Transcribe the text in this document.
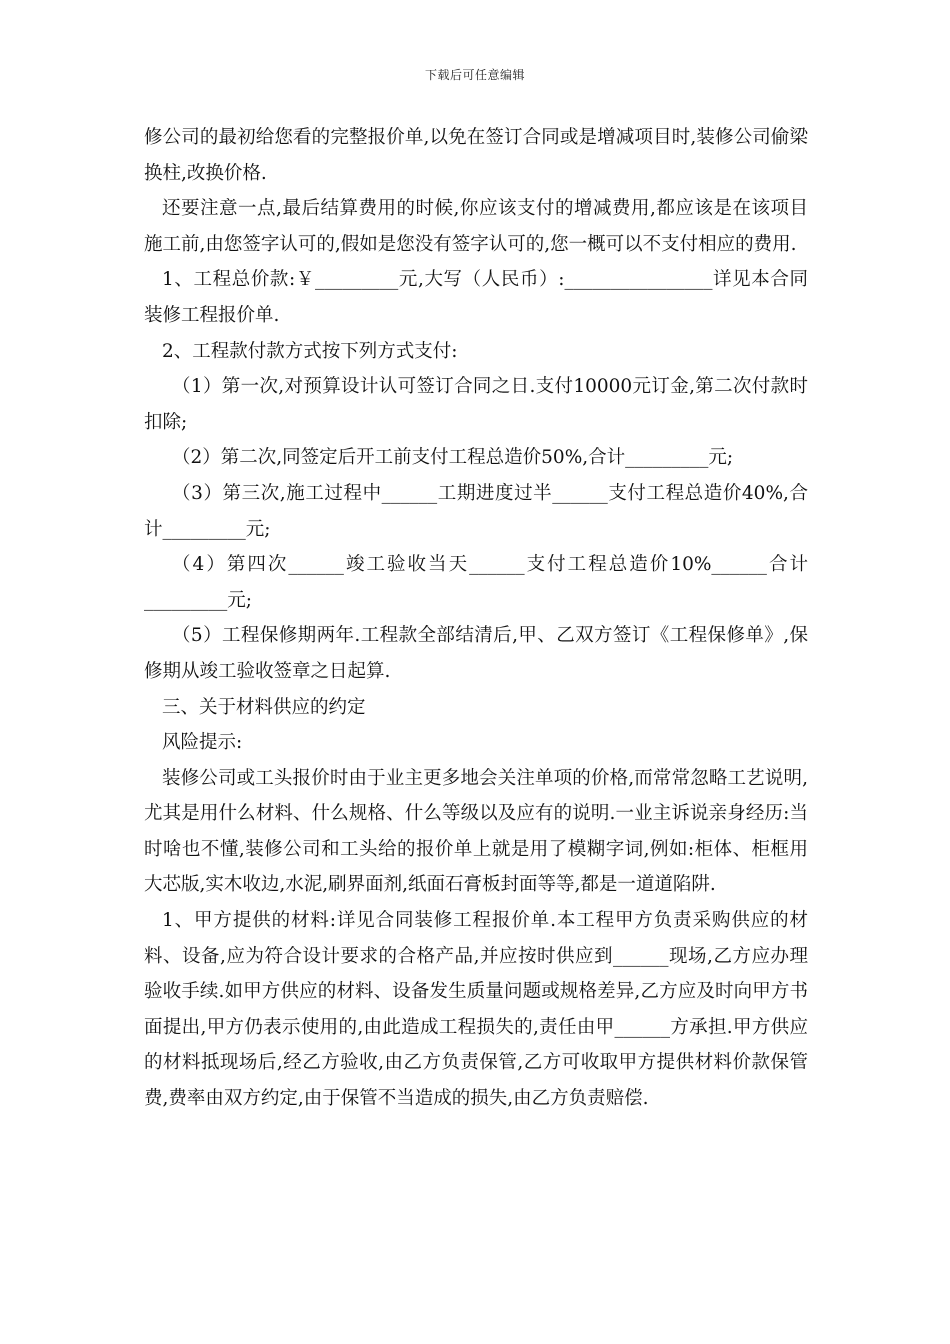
下载后可任意编辑

修公司的最初给您看的完整报价单,以免在签订合同或是增减项目时,装修公司偷梁换柱,改换价格.

还要注意一点,最后结算费用的时候,你应该支付的增减费用,都应该是在该项目施工前,由您签字认可的,假如是您没有签字认可的,您一概可以不支付相应的费用.

1、工程总价款:￥_________元,大写（人民币）:________________详见本合同装修工程报价单.

2、工程款付款方式按下列方式支付:

（1）第一次,对预算设计认可签订合同之日.支付10000元订金,第二次付款时扣除;

（2）第二次,同签定后开工前支付工程总造价50%,合计_________元;

（3）第三次,施工过程中______工期进度过半______支付工程总造价40%,合计_________元;

（4）第四次______竣工验收当天______支付工程总造价10%______合计_________元;

（5）工程保修期两年.工程款全部结清后,甲、乙双方签订《工程保修单》,保修期从竣工验收签章之日起算.

三、关于材料供应的约定

风险提示:

装修公司或工头报价时由于业主更多地会关注单项的价格,而常常忽略工艺说明,尤其是用什么材料、什么规格、什么等级以及应有的说明.一业主诉说亲身经历:当时啥也不懂,装修公司和工头给的报价单上就是用了模糊字词,例如:柜体、柜框用大芯版,实木收边,水泥,刷界面剂,纸面石膏板封面等等,都是一道道陷阱.

1、甲方提供的材料:详见合同装修工程报价单.本工程甲方负责采购供应的材料、设备,应为符合设计要求的合格产品,并应按时供应到______现场,乙方应办理验收手续.如甲方供应的材料、设备发生质量问题或规格差异,乙方应及时向甲方书面提出,甲方仍表示使用的,由此造成工程损失的,责任由甲______方承担.甲方供应的材料抵现场后,经乙方验收,由乙方负责保管,乙方可收取甲方提供材料价款保管费,费率由双方约定,由于保管不当造成的损失,由乙方负责赔偿.
